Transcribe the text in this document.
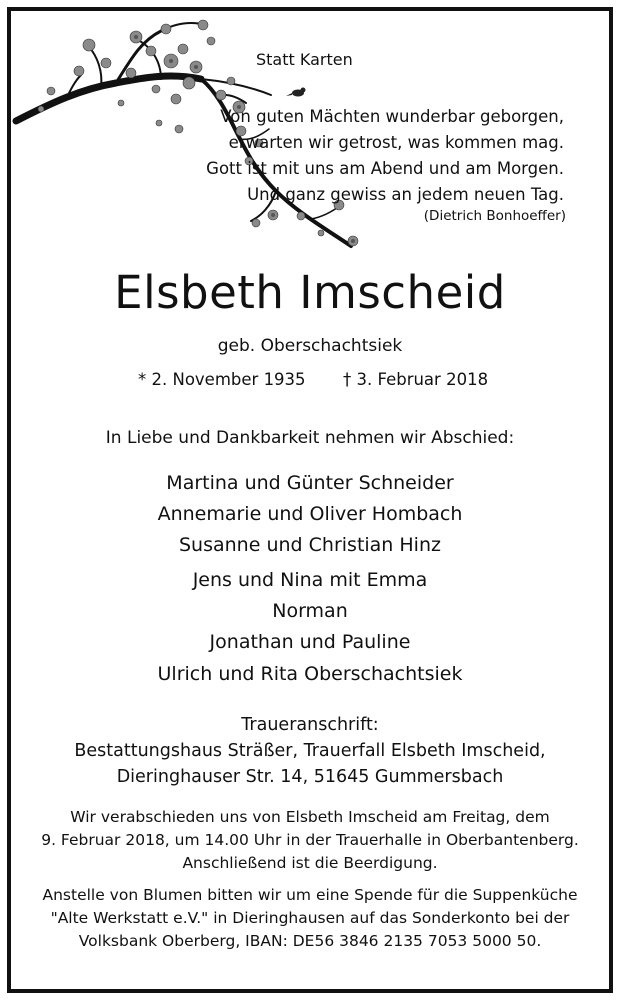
Statt Karten
Von guten Mächten wunderbar geborgen,
erwarten wir getrost, was kommen mag.
Gott ist mit uns am Abend und am Morgen.
Und ganz gewiss an jedem neuen Tag.
(Dietrich Bonhoeffer)
Elsbeth Imscheid
geb. Oberschachtsiek
* 2. November 1935 † 3. Februar 2018
In Liebe und Dankbarkeit nehmen wir Abschied:
Martina und Günter Schneider
Annemarie und Oliver Hombach
Susanne und Christian Hinz
Jens und Nina mit Emma
Norman
Jonathan und Pauline
Ulrich und Rita Oberschachtsiek
Traueranschrift:
Bestattungshaus Sträßer, Trauerfall Elsbeth Imscheid,
Dieringhauser Str. 14, 51645 Gummersbach
Wir verabschieden uns von Elsbeth Imscheid am Freitag, dem
9. Februar 2018, um 14.00 Uhr in der Trauerhalle in Oberbantenberg.
Anschließend ist die Beerdigung.
Anstelle von Blumen bitten wir um eine Spende für die Suppenküche
"Alte Werkstatt e.V." in Dieringhausen auf das Sonderkonto bei der
Volksbank Oberberg, IBAN: DE56 3846 2135 7053 5000 50.
